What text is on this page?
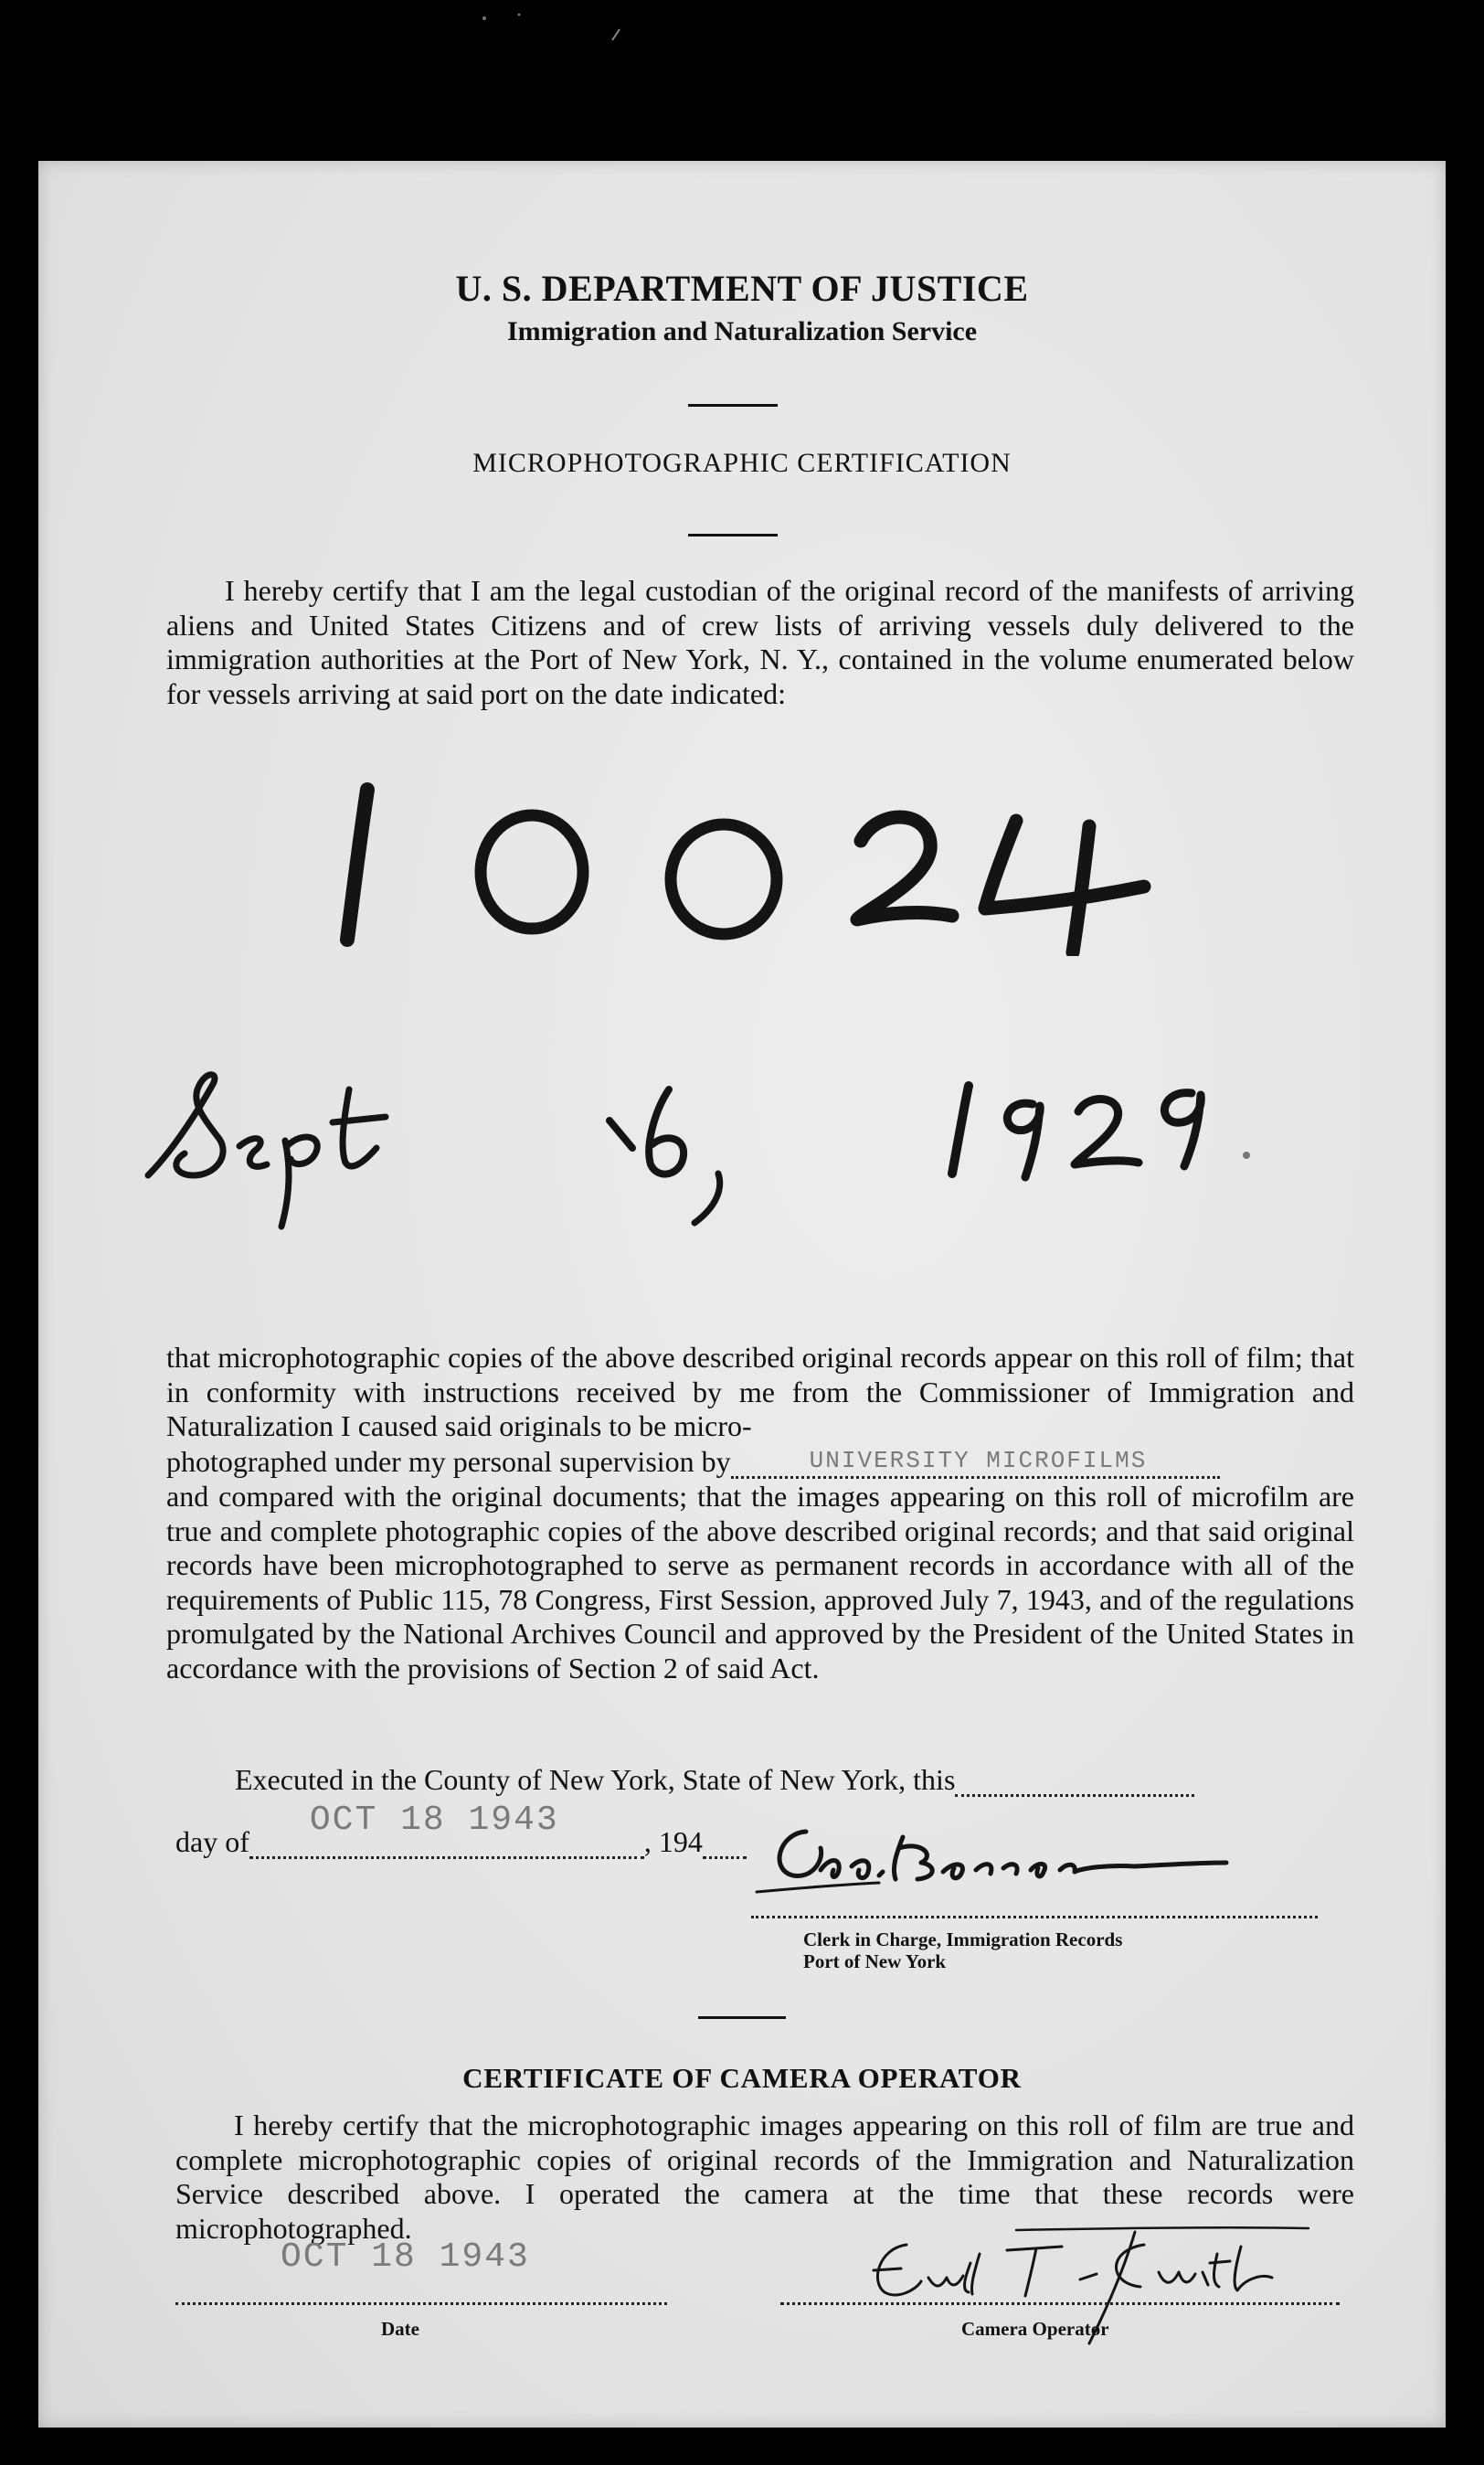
U. S. DEPARTMENT OF JUSTICE
Immigration and Naturalization Service
MICROPHOTOGRAPHIC CERTIFICATION
I hereby certify that I am the legal custodian of the original record of the manifests of arriving aliens and United States Citizens and of crew lists of arriving vessels duly delivered to the immigration authorities at the Port of New York, N. Y., contained in the volume enumerated below for vessels arriving at said port on the date indicated:
that microphotographic copies of the above described original records appear on this roll of film; that in conformity with instructions received by me from the Commissioner of Immigration and Naturalization I caused said originals to be micro-
photographed under my personal supervision by	UNIVERSITY MICROFILMS
and compared with the original documents; that the images appearing on this roll of microfilm are true and complete photographic copies of the above described original records; and that said original records have been microphotographed to serve as permanent records in accordance with all of the requirements of Public 115, 78 Congress, First Session, approved July 7, 1943, and of the regulations promulgated by the National Archives Council and approved by the President of the United States in accordance with the provisions of Section 2 of said Act.
Executed in the County of New York, State of New York, this
day of
OCT 18 1943
, 194
Clerk in Charge, Immigration Records
Port of New York
CERTIFICATE OF CAMERA OPERATOR
I hereby certify that the microphotographic images appearing on this roll of film are true and complete microphotographic copies of original records of the Immigration and Naturalization Service described above. I operated the camera at the time that these records were microphotographed.
OCT 18 1943
Date	Camera Operator
